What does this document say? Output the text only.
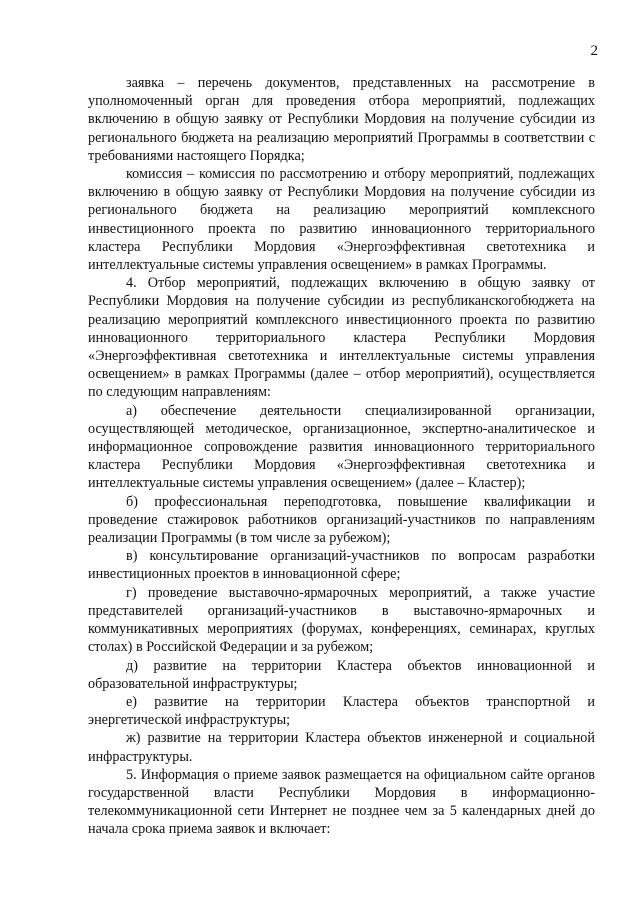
2

заявка – перечень документов, представленных на рассмотрение в уполномоченный орган для проведения отбора мероприятий, подлежащих включению в общую заявку от Республики Мордовия на получение субсидии из регионального бюджета на реализацию мероприятий Программы в соответствии с требованиями настоящего Порядка;

комиссия – комиссия по рассмотрению и отбору мероприятий, подлежащих включению в общую заявку от Республики Мордовия на получение субсидии из регионального бюджета на реализацию мероприятий комплексного инвестиционного проекта по развитию инновационного территориального кластера Республики Мордовия «Энергоэффективная светотехника и интеллектуальные системы управления освещением» в рамках Программы.

4. Отбор мероприятий, подлежащих включению в общую заявку от Республики Мордовия на получение субсидии из республиканскогобюджета на реализацию мероприятий комплексного инвестиционного проекта по развитию инновационного территориального кластера Республики Мордовия «Энергоэффективная светотехника и интеллектуальные системы управления освещением» в рамках Программы (далее – отбор мероприятий), осуществляется по следующим направлениям:

а) обеспечение деятельности специализированной организации, осуществляющей методическое, организационное, экспертно-аналитическое и информационное сопровождение развития инновационного территориального кластера Республики Мордовия «Энергоэффективная светотехника и интеллектуальные системы управления освещением» (далее – Кластер);

б) профессиональная переподготовка, повышение квалификации и проведение стажировок работников организаций-участников по направлениям реализации Программы (в том числе за рубежом);

в) консультирование организаций-участников по вопросам разработки инвестиционных проектов в инновационной сфере;

г) проведение выставочно-ярмарочных мероприятий, а также участие представителей организаций-участников в выставочно-ярмарочных и коммуникативных мероприятиях (форумах, конференциях, семинарах, круглых столах) в Российской Федерации и за рубежом;

д) развитие на территории Кластера объектов инновационной и образовательной инфраструктуры;

е) развитие на территории Кластера объектов транспортной и энергетической инфраструктуры;

ж) развитие на территории Кластера объектов инженерной и социальной инфраструктуры.

5. Информация о приеме заявок размещается на официальном сайте органов государственной власти Республики Мордовия в информационно-телекоммуникационной сети Интернет не позднее чем за 5 календарных дней до начала срока приема заявок и включает:
